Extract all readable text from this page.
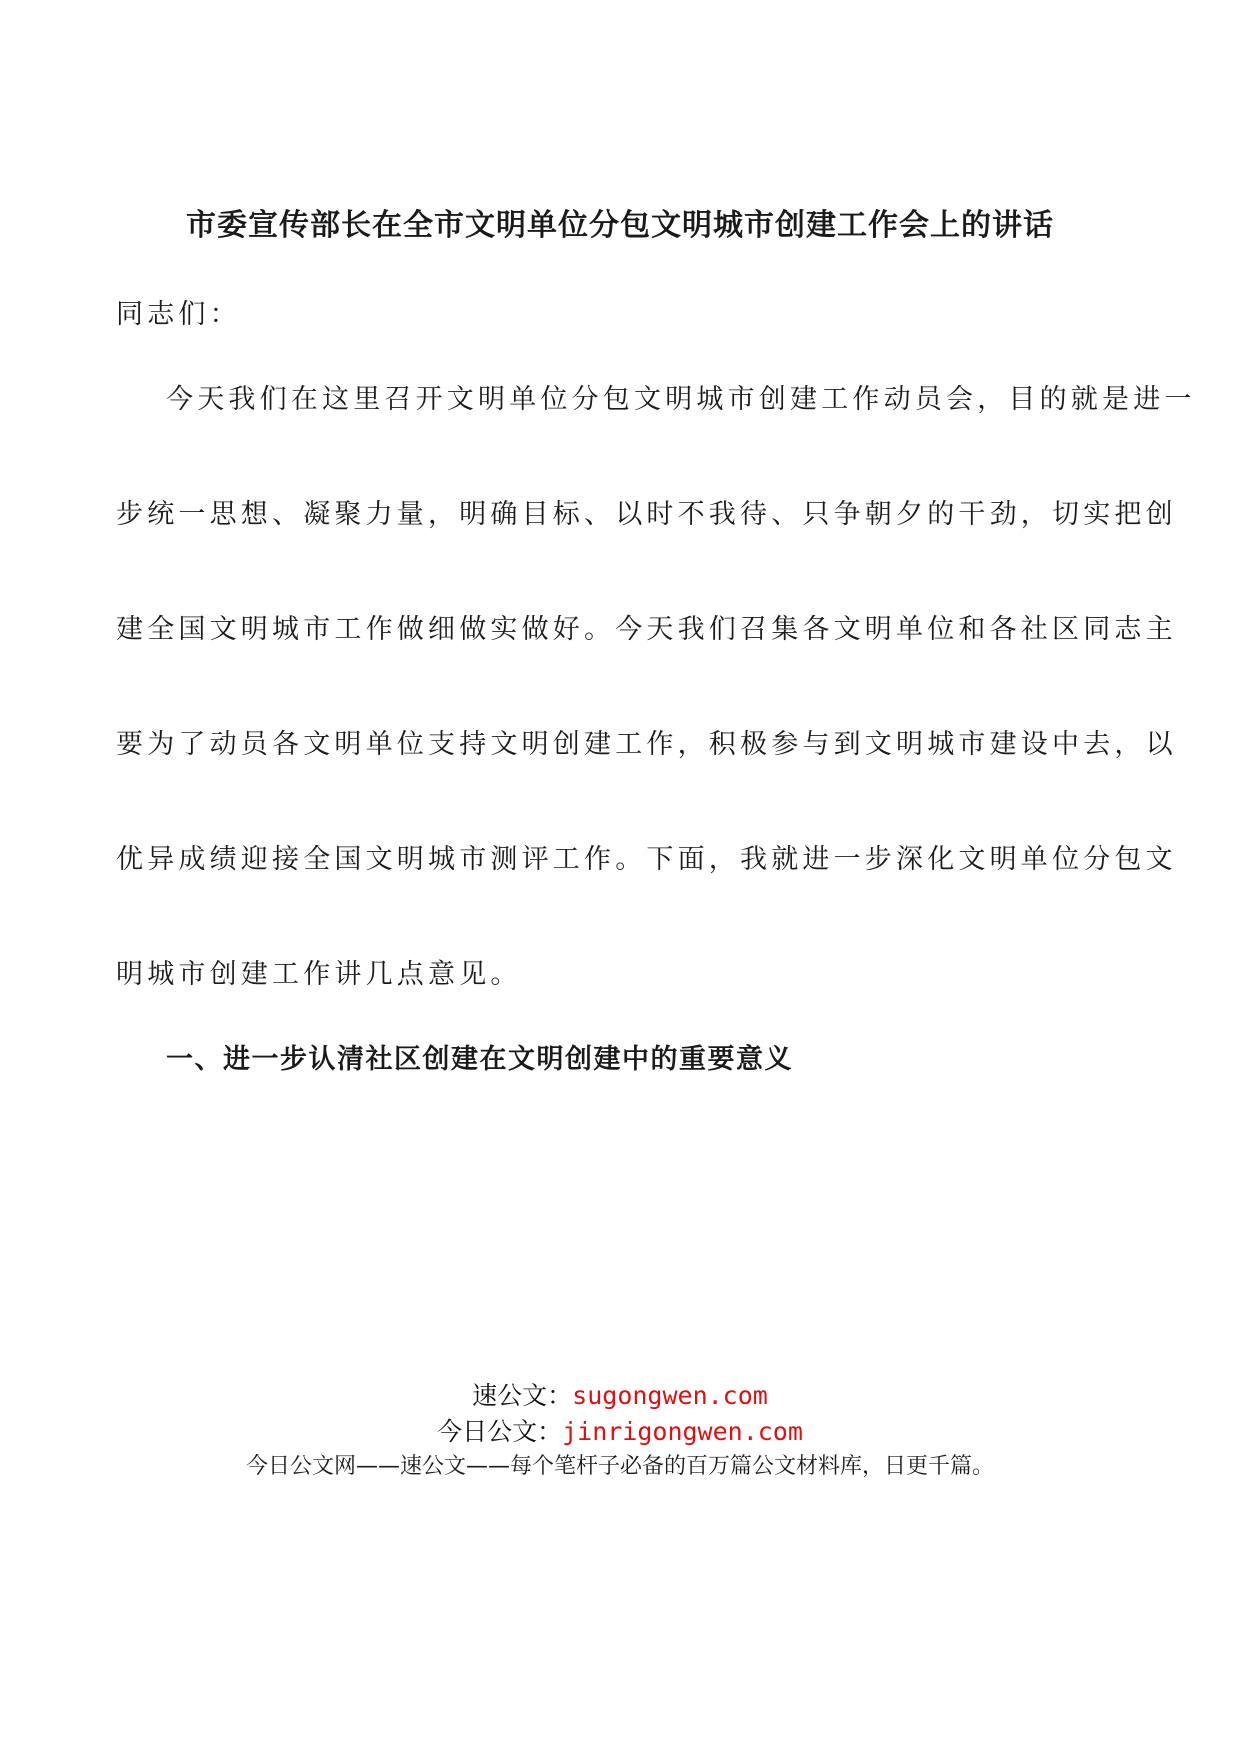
市委宣传部长在全市文明单位分包文明城市创建工作会上的讲话
同志们：
今天我们在这里召开文明单位分包文明城市创建工作动员会，目的就是进一
步统一思想、凝聚力量，明确目标、以时不我待、只争朝夕的干劲，切实把创
建全国文明城市工作做细做实做好。今天我们召集各文明单位和各社区同志主
要为了动员各文明单位支持文明创建工作，积极参与到文明城市建设中去，以
优异成绩迎接全国文明城市测评工作。下面，我就进一步深化文明单位分包文
明城市创建工作讲几点意见。
一、进一步认清社区创建在文明创建中的重要意义
速公文：sugongwen.com
今日公文：jinrigongwen.com
今日公文网——速公文——每个笔杆子必备的百万篇公文材料库，日更千篇。
